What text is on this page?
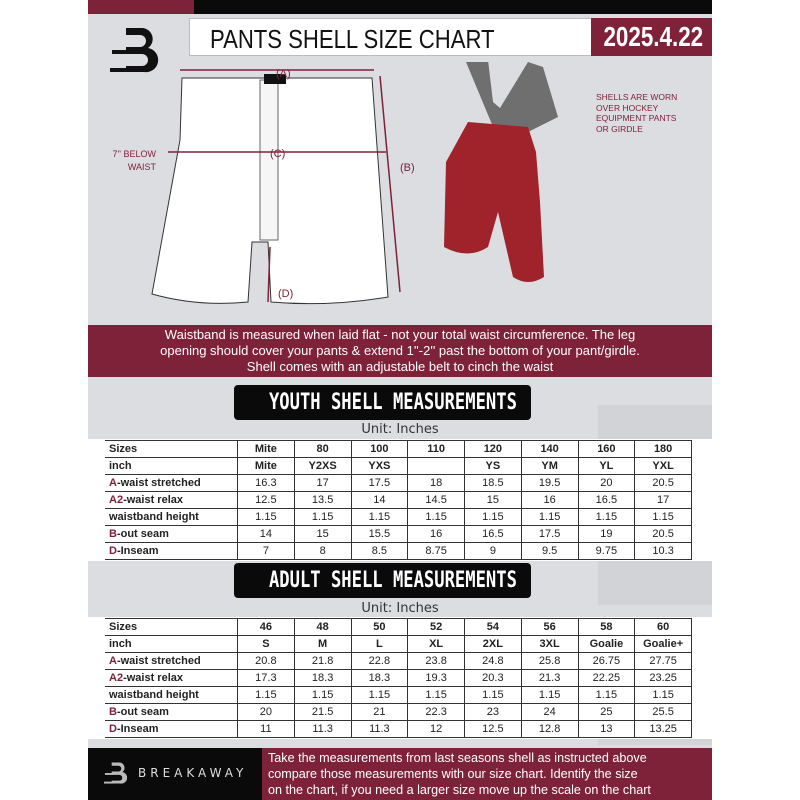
PANTS SHELL SIZE CHART	2025.4.22
(A)
(C)
(B)
(D)
7'' BELOW
WAIST
SHELLS ARE WORN
OVER HOCKEY
EQUIPMENT PANTS
OR GIRDLE
Waistband is measured when laid flat - not your total waist circumference. The leg
opening should cover your pants & extend 1''-2'' past the bottom of your pant/girdle.
Shell comes with an adjustable belt to cinch the waist
YOUTH SHELL MEASUREMENTS
Unit: Inches
Sizes	Mite	80	100	110	120	140	160	180
inch	Mite	Y2XS	YXS		YS	YM	YL	YXL
A-waist stretched	16.3	17	17.5	18	18.5	19.5	20	20.5
A2-waist relax	12.5	13.5	14	14.5	15	16	16.5	17
waistband height	1.15	1.15	1.15	1.15	1.15	1.15	1.15	1.15
B-out seam	14	15	15.5	16	16.5	17.5	19	20.5
D-Inseam	7	8	8.5	8.75	9	9.5	9.75	10.3
ADULT SHELL MEASUREMENTS
Unit: Inches
Sizes	46	48	50	52	54	56	58	60
inch	S	M	L	XL	2XL	3XL	Goalie	Goalie+
A-waist stretched	20.8	21.8	22.8	23.8	24.8	25.8	26.75	27.75
A2-waist relax	17.3	18.3	18.3	19.3	20.3	21.3	22.25	23.25
waistband height	1.15	1.15	1.15	1.15	1.15	1.15	1.15	1.15
B-out seam	20	21.5	21	22.3	23	24	25	25.5
D-Inseam	11	11.3	11.3	12	12.5	12.8	13	13.25
BREAKAWAY
Take the measurements from last seasons shell as instructed above
compare those measurements with our size chart. Identify the size
on the chart, if you need a larger size move up the scale on the chart
